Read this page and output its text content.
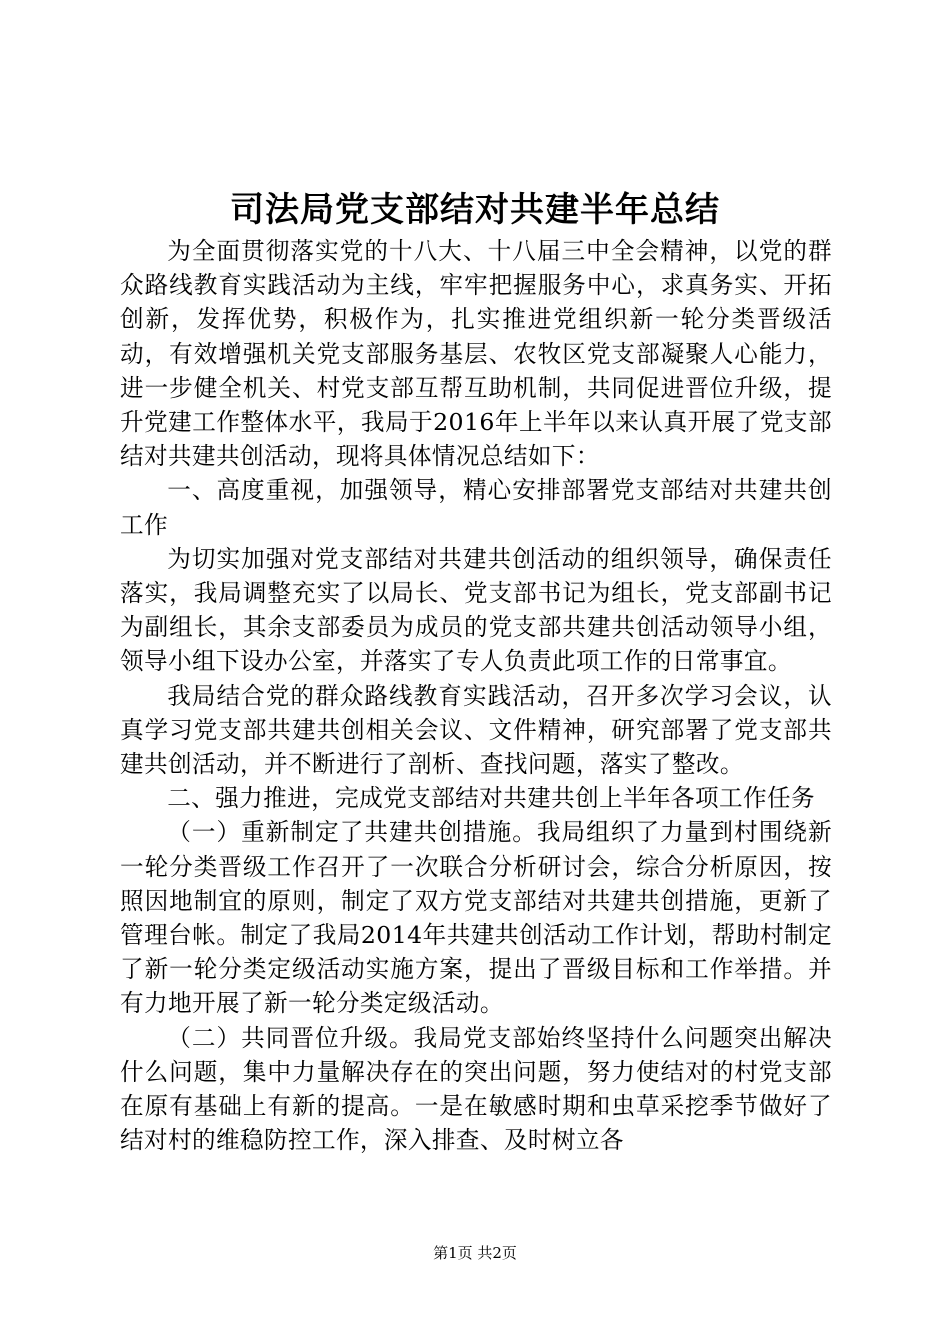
司法局党支部结对共建半年总结

为全面贯彻落实党的十八大、十八届三中全会精神，以党的群众路线教育实践活动为主线，牢牢把握服务中心，求真务实、开拓创新，发挥优势，积极作为，扎实推进党组织新一轮分类晋级活动，有效增强机关党支部服务基层、农牧区党支部凝聚人心能力，进一步健全机关、村党支部互帮互助机制，共同促进晋位升级，提升党建工作整体水平，我局于2016年上半年以来认真开展了党支部结对共建共创活动，现将具体情况总结如下：

一、高度重视，加强领导，精心安排部署党支部结对共建共创工作

为切实加强对党支部结对共建共创活动的组织领导，确保责任落实，我局调整充实了以局长、党支部书记为组长，党支部副书记为副组长，其余支部委员为成员的党支部共建共创活动领导小组，领导小组下设办公室，并落实了专人负责此项工作的日常事宜。

我局结合党的群众路线教育实践活动，召开多次学习会议，认真学习党支部共建共创相关会议、文件精神，研究部署了党支部共建共创活动，并不断进行了剖析、查找问题，落实了整改。

二、强力推进，完成党支部结对共建共创上半年各项工作任务

（一）重新制定了共建共创措施。我局组织了力量到村围绕新一轮分类晋级工作召开了一次联合分析研讨会，综合分析原因，按照因地制宜的原则，制定了双方党支部结对共建共创措施，更新了管理台帐。制定了我局2014年共建共创活动工作计划，帮助村制定了新一轮分类定级活动实施方案，提出了晋级目标和工作举措。并有力地开展了新一轮分类定级活动。

（二）共同晋位升级。我局党支部始终坚持什么问题突出解决什么问题，集中力量解决存在的突出问题，努力使结对的村党支部在原有基础上有新的提高。一是在敏感时期和虫草采挖季节做好了结对村的维稳防控工作，深入排查、及时树立各

第1页 共2页
